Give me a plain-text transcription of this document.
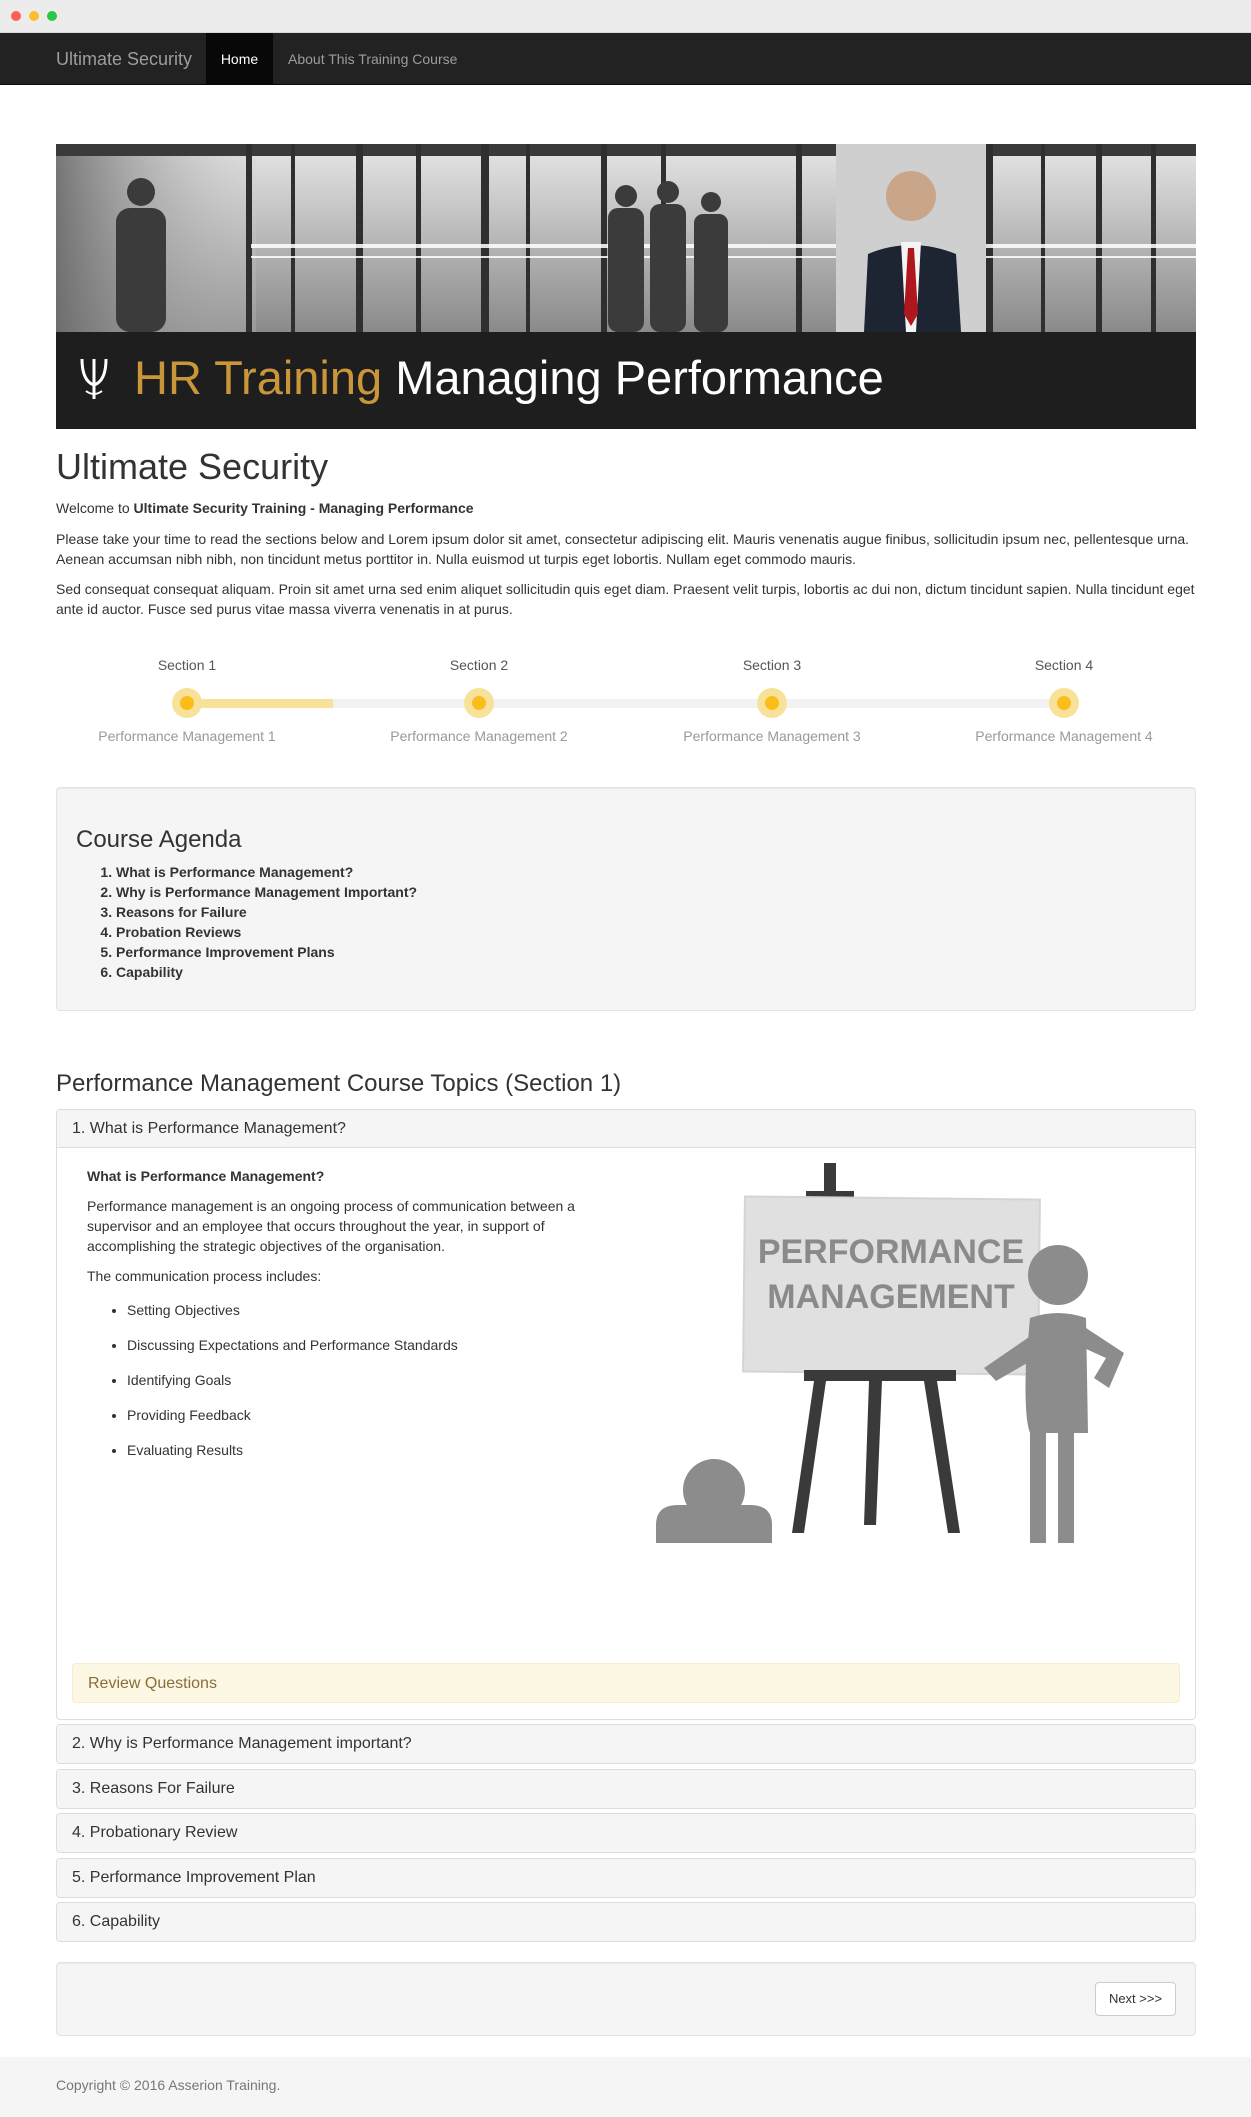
Ultimate Security	Home	About This Training Course
HR Training Managing Performance
Ultimate Security
Welcome to Ultimate Security Training - Managing Performance

Please take your time to read the sections below and Lorem ipsum dolor sit amet, consectetur adipiscing elit. Mauris venenatis augue finibus, sollicitudin ipsum nec, pellentesque urna. Aenean accumsan nibh nibh, non tincidunt metus porttitor in. Nulla euismod ut turpis eget lobortis. Nullam eget commodo mauris.

Sed consequat consequat aliquam. Proin sit amet urna sed enim aliquet sollicitudin quis eget diam. Praesent velit turpis, lobortis ac dui non, dictum tincidunt sapien. Nulla tincidunt eget ante id auctor. Fusce sed purus vitae massa viverra venenatis in at purus.

Section 1
Performance Management 1
Section 2
Performance Management 2
Section 3
Performance Management 3
Section 4
Performance Management 4
Course Agenda
1. What is Performance Management?
2. Why is Performance Management Important?
3. Reasons for Failure
4. Probation Reviews
5. Performance Improvement Plans
6. Capability
Performance Management Course Topics (Section 1)
1. What is Performance Management?
What is Performance Management?

Performance management is an ongoing process of communication between a supervisor and an employee that occurs throughout the year, in support of accomplishing the strategic objectives of the organisation.

The communication process includes:

• Setting Objectives
• Discussing Expectations and Performance Standards
• Identifying Goals
• Providing Feedback
• Evaluating Results
PERFORMANCE
MANAGEMENT
Review Questions
2. Why is Performance Management important?
3. Reasons For Failure
4. Probationary Review
5. Performance Improvement Plan
6. Capability
Next >>>

Copyright © 2016 Asserion Training.
